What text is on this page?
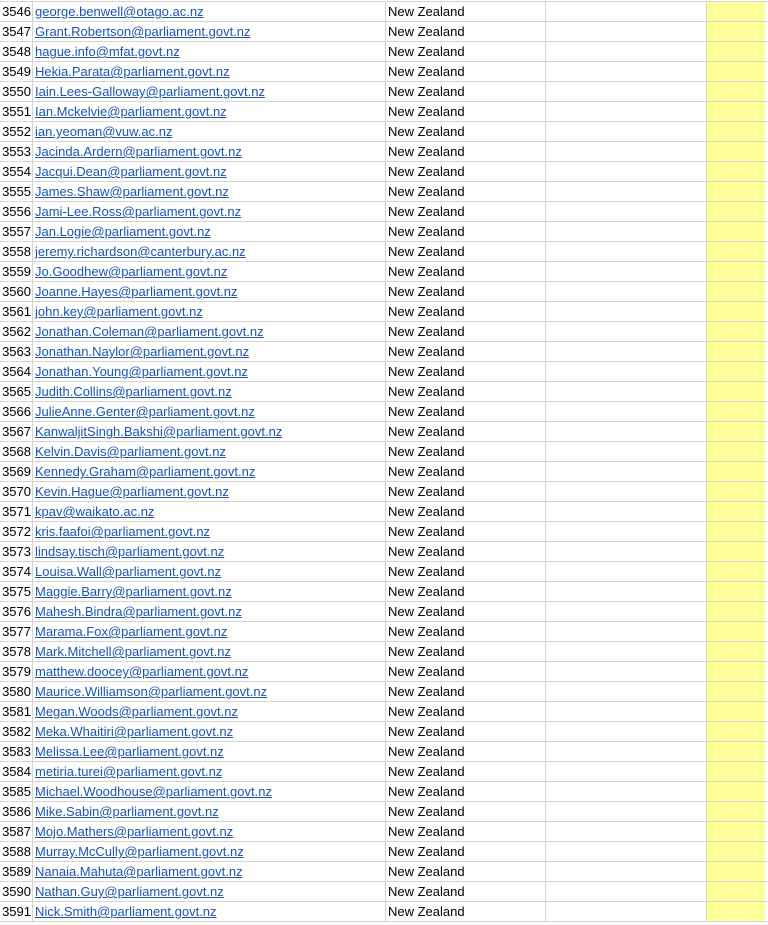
3546 george.benwell@otago.ac.nz	New Zealand
3547 Grant.Robertson@parliament.govt.nz	New Zealand
3548 hague.info@mfat.govt.nz	New Zealand
3549 Hekia.Parata@parliament.govt.nz	New Zealand
3550 Iain.Lees-Galloway@parliament.govt.nz	New Zealand
3551 Ian.Mckelvie@parliament.govt.nz	New Zealand
3552 ian.yeoman@vuw.ac.nz	New Zealand
3553 Jacinda.Ardern@parliament.govt.nz	New Zealand
3554 Jacqui.Dean@parliament.govt.nz	New Zealand
3555 James.Shaw@parliament.govt.nz	New Zealand
3556 Jami-Lee.Ross@parliament.govt.nz	New Zealand
3557 Jan.Logie@parliament.govt.nz	New Zealand
3558 jeremy.richardson@canterbury.ac.nz	New Zealand
3559 Jo.Goodhew@parliament.govt.nz	New Zealand
3560 Joanne.Hayes@parliament.govt.nz	New Zealand
3561 john.key@parliament.govt.nz	New Zealand
3562 Jonathan.Coleman@parliament.govt.nz	New Zealand
3563 Jonathan.Naylor@parliament.govt.nz	New Zealand
3564 Jonathan.Young@parliament.govt.nz	New Zealand
3565 Judith.Collins@parliament.govt.nz	New Zealand
3566 JulieAnne.Genter@parliament.govt.nz	New Zealand
3567 KanwaljitSingh.Bakshi@parliament.govt.nz	New Zealand
3568 Kelvin.Davis@parliament.govt.nz	New Zealand
3569 Kennedy.Graham@parliament.govt.nz	New Zealand
3570 Kevin.Hague@parliament.govt.nz	New Zealand
3571 kpav@waikato.ac.nz	New Zealand
3572 kris.faafoi@parliament.govt.nz	New Zealand
3573 lindsay.tisch@parliament.govt.nz	New Zealand
3574 Louisa.Wall@parliament.govt.nz	New Zealand
3575 Maggie.Barry@parliament.govt.nz	New Zealand
3576 Mahesh.Bindra@parliament.govt.nz	New Zealand
3577 Marama.Fox@parliament.govt.nz	New Zealand
3578 Mark.Mitchell@parliament.govt.nz	New Zealand
3579 matthew.doocey@parliament.govt.nz	New Zealand
3580 Maurice.Williamson@parliament.govt.nz	New Zealand
3581 Megan.Woods@parliament.govt.nz	New Zealand
3582 Meka.Whaitiri@parliament.govt.nz	New Zealand
3583 Melissa.Lee@parliament.govt.nz	New Zealand
3584 metiria.turei@parliament.govt.nz	New Zealand
3585 Michael.Woodhouse@parliament.govt.nz	New Zealand
3586 Mike.Sabin@parliament.govt.nz	New Zealand
3587 Mojo.Mathers@parliament.govt.nz	New Zealand
3588 Murray.McCully@parliament.govt.nz	New Zealand
3589 Nanaia.Mahuta@parliament.govt.nz	New Zealand
3590 Nathan.Guy@parliament.govt.nz	New Zealand
3591 Nick.Smith@parliament.govt.nz	New Zealand
